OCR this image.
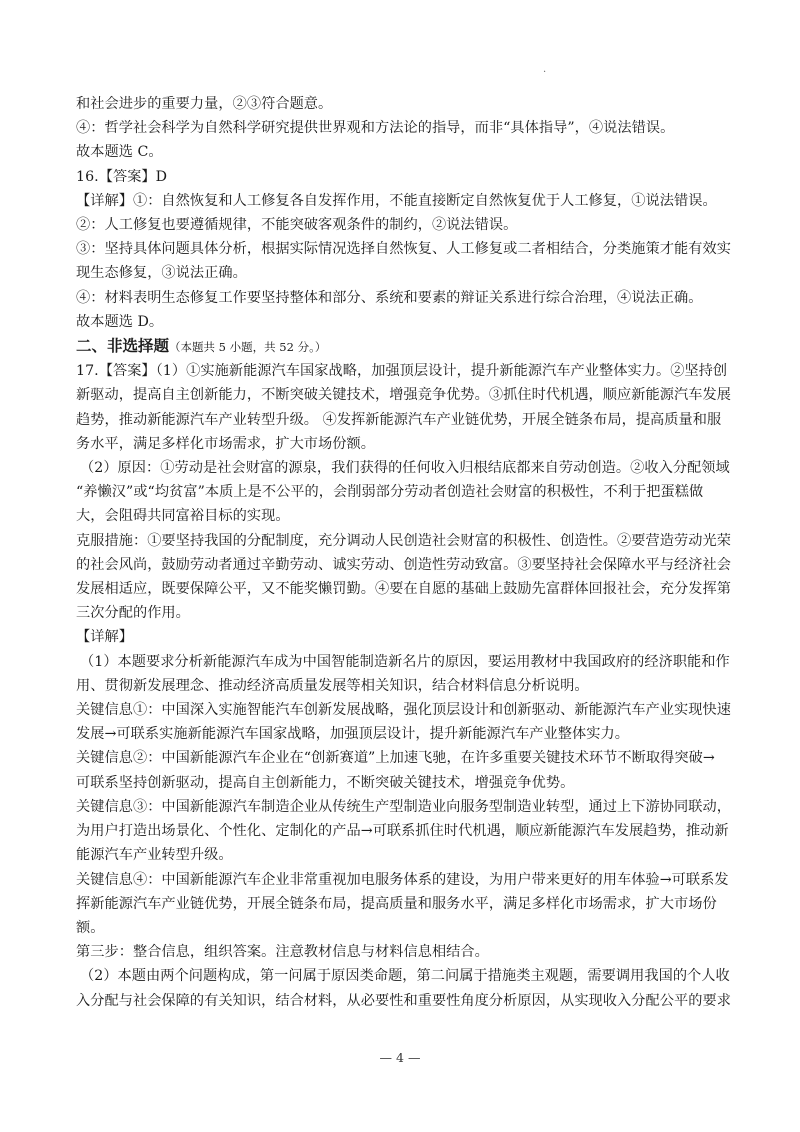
.
和社会进步的重要力量，②③符合题意。
④：哲学社会科学为自然科学研究提供世界观和方法论的指导，而非“具体指导”，④说法错误。
故本题选 C。
16.【答案】D
【详解】①：自然恢复和人工修复各自发挥作用，不能直接断定自然恢复优于人工修复，①说法错误。
②：人工修复也要遵循规律，不能突破客观条件的制约，②说法错误。
③：坚持具体问题具体分析，根据实际情况选择自然恢复、人工修复或二者相结合，分类施策才能有效实
现生态修复，③说法正确。
④：材料表明生态修复工作要坚持整体和部分、系统和要素的辩证关系进行综合治理，④说法正确。
故本题选 D。
二、非选择题（本题共 5 小题，共 52 分。）
17.【答案】（1）①实施新能源汽车国家战略，加强顶层设计，提升新能源汽车产业整体实力。②坚持创
新驱动，提高自主创新能力，不断突破关键技术，增强竞争优势。③抓住时代机遇，顺应新能源汽车发展
趋势，推动新能源汽车产业转型升级。 ④发挥新能源汽车产业链优势，开展全链条布局，提高质量和服
务水平，满足多样化市场需求，扩大市场份额。
（2）原因：①劳动是社会财富的源泉，我们获得的任何收入归根结底都来自劳动创造。②收入分配领域
“养懒汉”或“均贫富”本质上是不公平的，会削弱部分劳动者创造社会财富的积极性，不利于把蛋糕做
大，会阻碍共同富裕目标的实现。
克服措施：①要坚持我国的分配制度，充分调动人民创造社会财富的积极性、创造性。②要营造劳动光荣
的社会风尚，鼓励劳动者通过辛勤劳动、诚实劳动、创造性劳动致富。③要坚持社会保障水平与经济社会
发展相适应，既要保障公平，又不能奖懒罚勤。④要在自愿的基础上鼓励先富群体回报社会，充分发挥第
三次分配的作用。
【详解】
（1）本题要求分析新能源汽车成为中国智能制造新名片的原因，要运用教材中我国政府的经济职能和作
用、贯彻新发展理念、推动经济高质量发展等相关知识，结合材料信息分析说明。
关键信息①：中国深入实施智能汽车创新发展战略，强化顶层设计和创新驱动、新能源汽车产业实现快速
发展→可联系实施新能源汽车国家战略，加强顶层设计，提升新能源汽车产业整体实力。
关键信息②：中国新能源汽车企业在“创新赛道”上加速飞驰，在许多重要关键技术环节不断取得突破→
可联系坚持创新驱动，提高自主创新能力，不断突破关键技术，增强竞争优势。
关键信息③：中国新能源汽车制造企业从传统生产型制造业向服务型制造业转型，通过上下游协同联动，
为用户打造出场景化、个性化、定制化的产品→可联系抓住时代机遇，顺应新能源汽车发展趋势，推动新
能源汽车产业转型升级。
关键信息④：中国新能源汽车企业非常重视加电服务体系的建设，为用户带来更好的用车体验→可联系发
挥新能源汽车产业链优势，开展全链条布局，提高质量和服务水平，满足多样化市场需求，扩大市场份
额。
第三步：整合信息，组织答案。注意教材信息与材料信息相结合。
（2）本题由两个问题构成，第一问属于原因类命题，第二问属于措施类主观题，需要调用我国的个人收
入分配与社会保障的有关知识，结合材料，从必要性和重要性角度分析原因，从实现收入分配公平的要求
— 4 —
